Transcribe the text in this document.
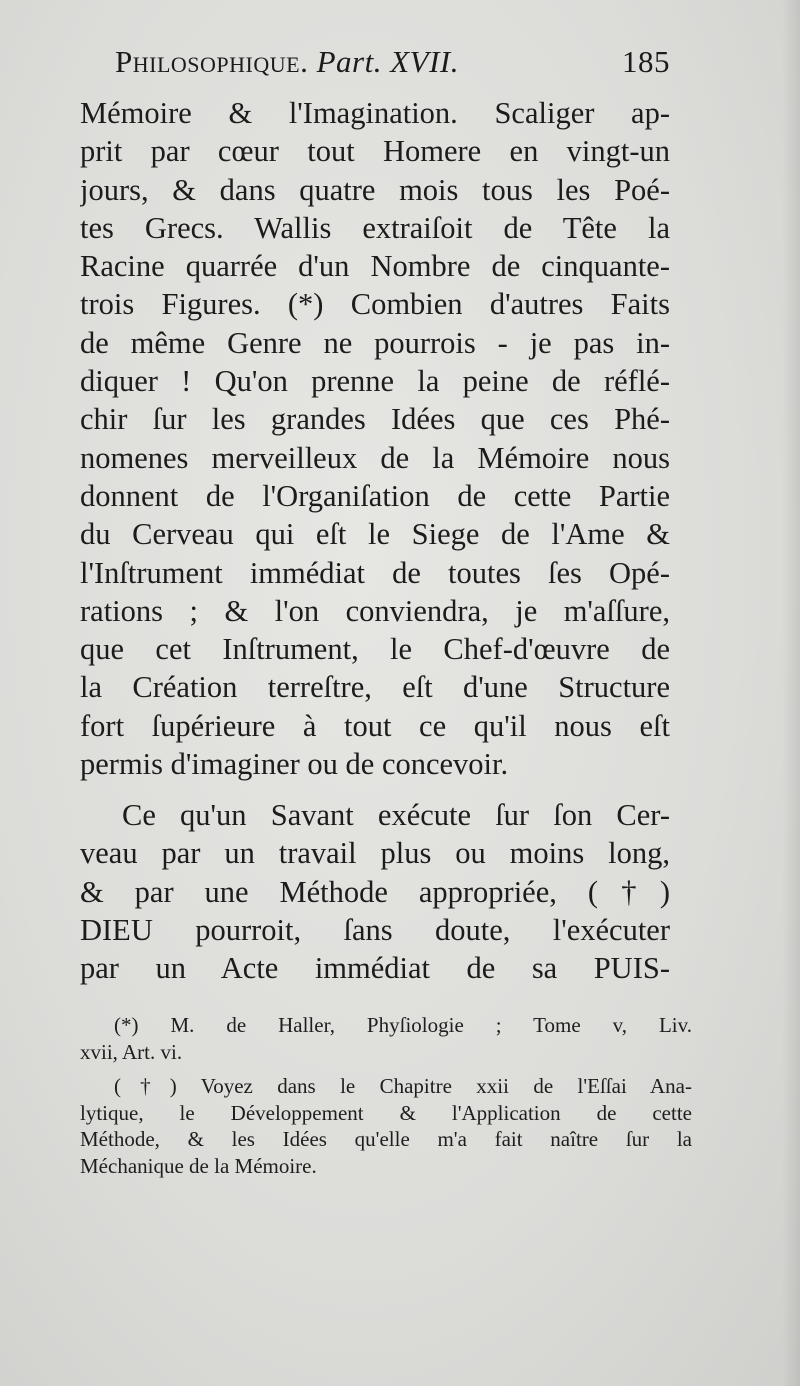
Philosophique. Part. XVII.	185
Mémoire & l'Imagination. Scaliger ap-
prit par cœur tout Homere en vingt-un
jours, & dans quatre mois tous les Poé-
tes Grecs. Wallis extraiſoit de Tête la
Racine quarrée d'un Nombre de cinquante-
trois Figures. (*) Combien d'autres Faits
de même Genre ne pourrois - je pas in-
diquer ! Qu'on prenne la peine de réflé-
chir ſur les grandes Idées que ces Phé-
nomenes merveilleux de la Mémoire nous
donnent de l'Organiſation de cette Partie
du Cerveau qui eſt le Siege de l'Ame &
l'Inſtrument immédiat de toutes ſes Opé-
rations ; & l'on conviendra, je m'aſſure,
que cet Inſtrument, le Chef-d'œuvre de
la Création terreſtre, eſt d'une Structure
fort ſupérieure à tout ce qu'il nous eſt
permis d'imaginer ou de concevoir.
Ce qu'un Savant exécute ſur ſon Cer-
veau par un travail plus ou moins long,
& par une Méthode appropriée, (†)
DIEU pourroit, ſans doute, l'exécuter
par un Acte immédiat de sa PUIS-
(*) M. de Haller, Phyſiologie ; Tome v, Liv.
xvii, Art. vi.
(†) Voyez dans le Chapitre xxii de l'Eſſai Ana-
lytique, le Développement & l'Application de cette
Méthode, & les Idées qu'elle m'a fait naître ſur la
Méchanique de la Mémoire.
